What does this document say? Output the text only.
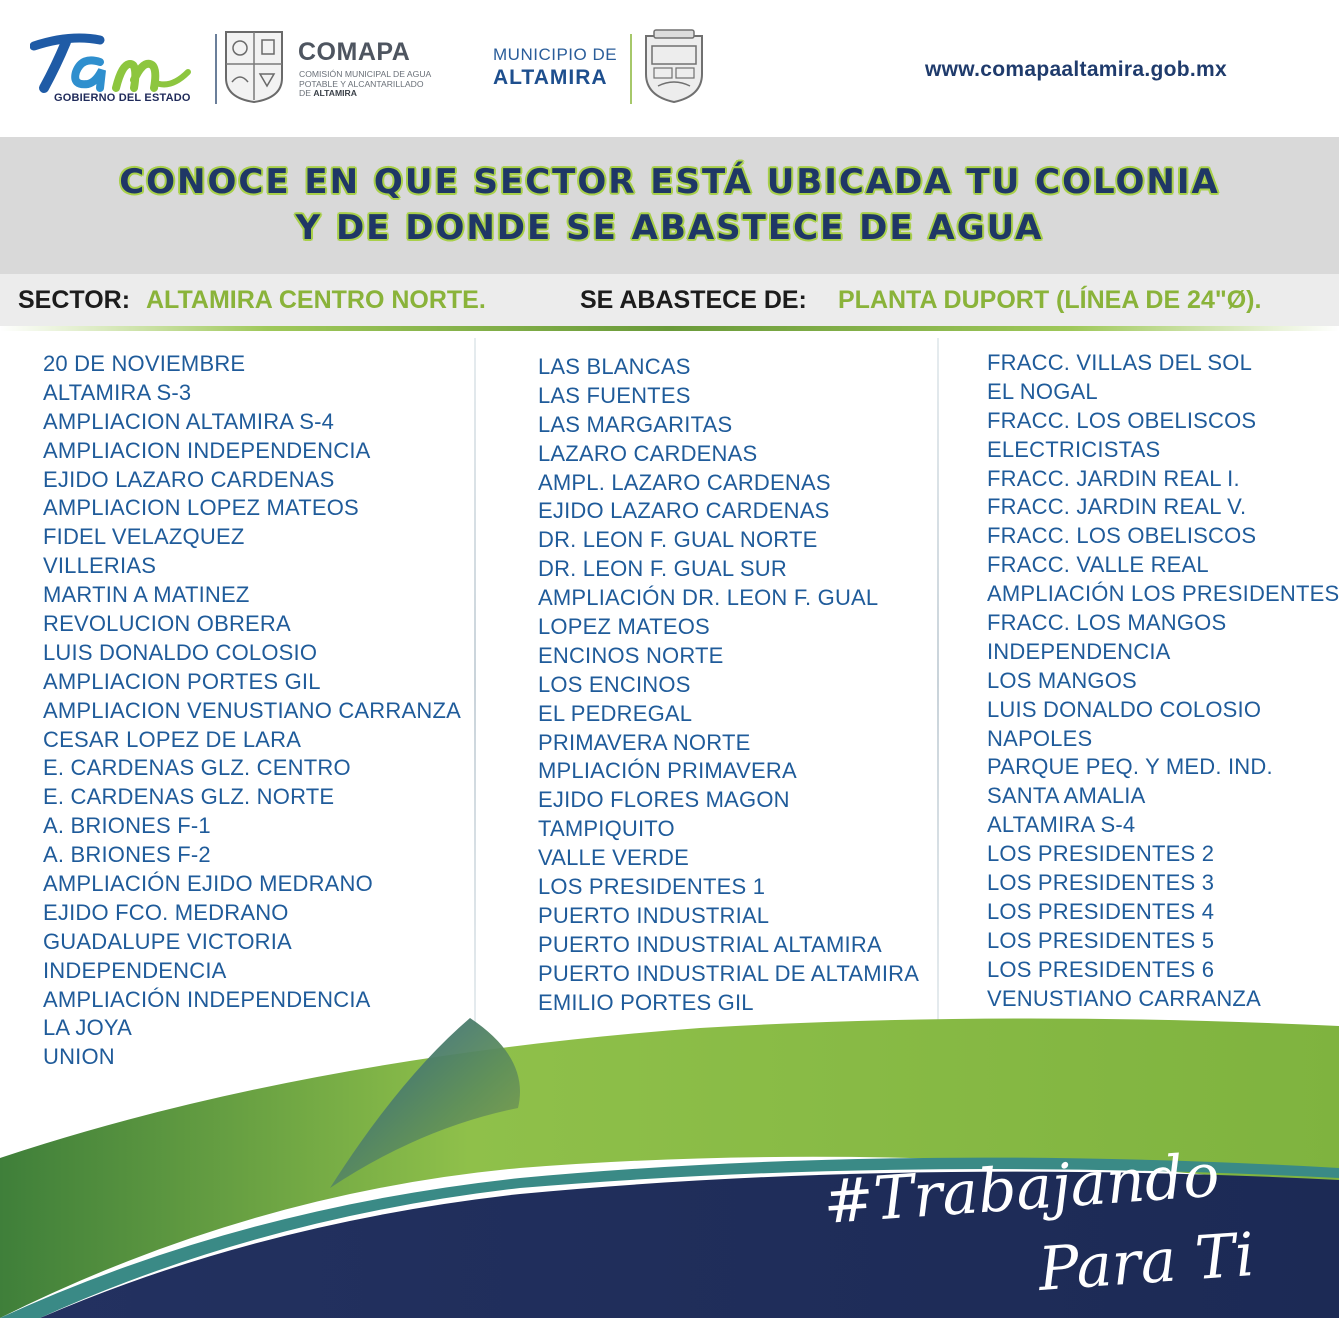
GOBIERNO DEL ESTADO
COMAPA
COMISIÓN MUNICIPAL DE AGUA
POTABLE Y ALCANTARILLADO
DE ALTAMIRA
MUNICIPIO DE
ALTAMIRA	www.comapaaltamira.gob.mx
CONOCE EN QUE SECTOR ESTÁ UBICADA TU COLONIA
Y DE DONDE SE ABASTECE DE AGUA
SECTOR: ALTAMIRA CENTRO NORTE.	SE ABASTECE DE: PLANTA DUPORT (LÍNEA DE 24"Ø).
20 DE NOVIEMBRE
ALTAMIRA S-3
AMPLIACION ALTAMIRA S-4
AMPLIACION INDEPENDENCIA
EJIDO LAZARO CARDENAS
AMPLIACION LOPEZ MATEOS
FIDEL VELAZQUEZ
VILLERIAS
MARTIN A MATINEZ
REVOLUCION OBRERA
LUIS DONALDO COLOSIO
AMPLIACION PORTES GIL
AMPLIACION VENUSTIANO CARRANZA
CESAR LOPEZ DE LARA
E. CARDENAS GLZ. CENTRO
E. CARDENAS GLZ. NORTE
A. BRIONES F-1
A. BRIONES F-2
AMPLIACIÓN EJIDO MEDRANO
EJIDO FCO. MEDRANO
GUADALUPE VICTORIA
INDEPENDENCIA
AMPLIACIÓN INDEPENDENCIA
LA JOYA
UNION
LAS BLANCAS
LAS FUENTES
LAS MARGARITAS
LAZARO CARDENAS
AMPL. LAZARO CARDENAS
EJIDO LAZARO CARDENAS
DR. LEON F. GUAL NORTE
DR. LEON F. GUAL SUR
AMPLIACIÓN DR. LEON F. GUAL
LOPEZ MATEOS
ENCINOS NORTE
LOS ENCINOS
EL PEDREGAL
PRIMAVERA NORTE
MPLIACIÓN PRIMAVERA
EJIDO FLORES MAGON
TAMPIQUITO
VALLE VERDE
LOS PRESIDENTES 1
PUERTO INDUSTRIAL
PUERTO INDUSTRIAL ALTAMIRA
PUERTO INDUSTRIAL DE ALTAMIRA
EMILIO PORTES GIL
FRACC. VILLAS DEL SOL
EL NOGAL
FRACC. LOS OBELISCOS
ELECTRICISTAS
FRACC. JARDIN REAL I.
FRACC. JARDIN REAL V.
FRACC. LOS OBELISCOS
FRACC. VALLE REAL
AMPLIACIÓN LOS PRESIDENTES
FRACC. LOS MANGOS
INDEPENDENCIA
LOS MANGOS
LUIS DONALDO COLOSIO
NAPOLES
PARQUE PEQ. Y MED. IND.
SANTA AMALIA
ALTAMIRA S-4
LOS PRESIDENTES 2
LOS PRESIDENTES 3
LOS PRESIDENTES 4
LOS PRESIDENTES 5
LOS PRESIDENTES 6
VENUSTIANO CARRANZA
#Trabajando
Para Ti
